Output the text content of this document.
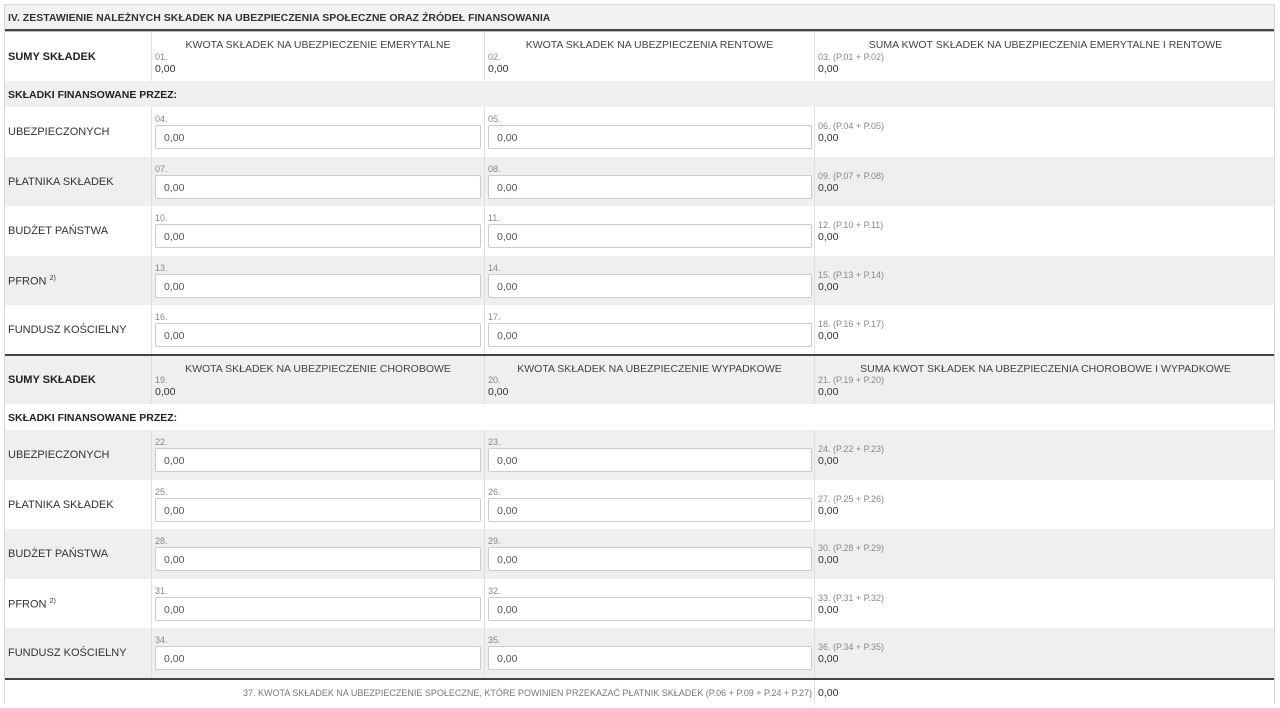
IV. ZESTAWIENIE NALEŻNYCH SKŁADEK NA UBEZPIECZENIA SPOŁECZNE ORAZ ŹRÓDEŁ FINANSOWANIA
SUMY SKŁADEK
KWOTA SKŁADEK NA UBEZPIECZENIE EMERYTALNE
01.
0,00
KWOTA SKŁADEK NA UBEZPIECZENIA RENTOWE
02.
0,00
SUMA KWOT SKŁADEK NA UBEZPIECZENIA EMERYTALNE I RENTOWE
03. (P.01 + P.02)
0,00
SKŁADKI FINANSOWANE PRZEZ:
UBEZPIECZONYCH
04.
0,00
05.
0,00
06. (P.04 + P.05)
0,00
PŁATNIKA SKŁADEK
07.
0,00
08.
0,00
09. (P.07 + P.08)
0,00
BUDŻET PAŃSTWA
10.
0,00
11.
0,00
12. (P.10 + P.11)
0,00
PFRON $^{2)}$
13.
0,00
14.
0,00
15. (P.13 + P.14)
0,00
FUNDUSZ KOŚCIELNY
16.
0,00
17.
0,00
18. (P.16 + P.17)
0,00
SUMY SKŁADEK
KWOTA SKŁADEK NA UBEZPIECZENIE CHOROBOWE
19.
0,00
KWOTA SKŁADEK NA UBEZPIECZENIE WYPADKOWE
20.
0,00
SUMA KWOT SKŁADEK NA UBEZPIECZENIA CHOROBOWE I WYPADKOWE
21. (P.19 + P.20)
0,00
SKŁADKI FINANSOWANE PRZEZ:
UBEZPIECZONYCH
22.
0,00
23.
0,00
24. (P.22 + P.23)
0,00
PŁATNIKA SKŁADEK
25.
0,00
26.
0,00
27. (P.25 + P.26)
0,00
BUDŻET PAŃSTWA
28.
0,00
29.
0,00
30. (P.28 + P.29)
0,00
PFRON $^{2)}$
31.
0,00
32.
0,00
33. (P.31 + P.32)
0,00
FUNDUSZ KOŚCIELNY
34.
0,00
35.
0,00
36. (P.34 + P.35)
0,00
37. KWOTA SKŁADEK NA UBEZPIECZENIE SPOŁECZNE, KTÓRE POWINIEN PRZEKAZAĆ PŁATNIK SKŁADEK (P.06 + P.09 + P.24 + P.27) 0,00
